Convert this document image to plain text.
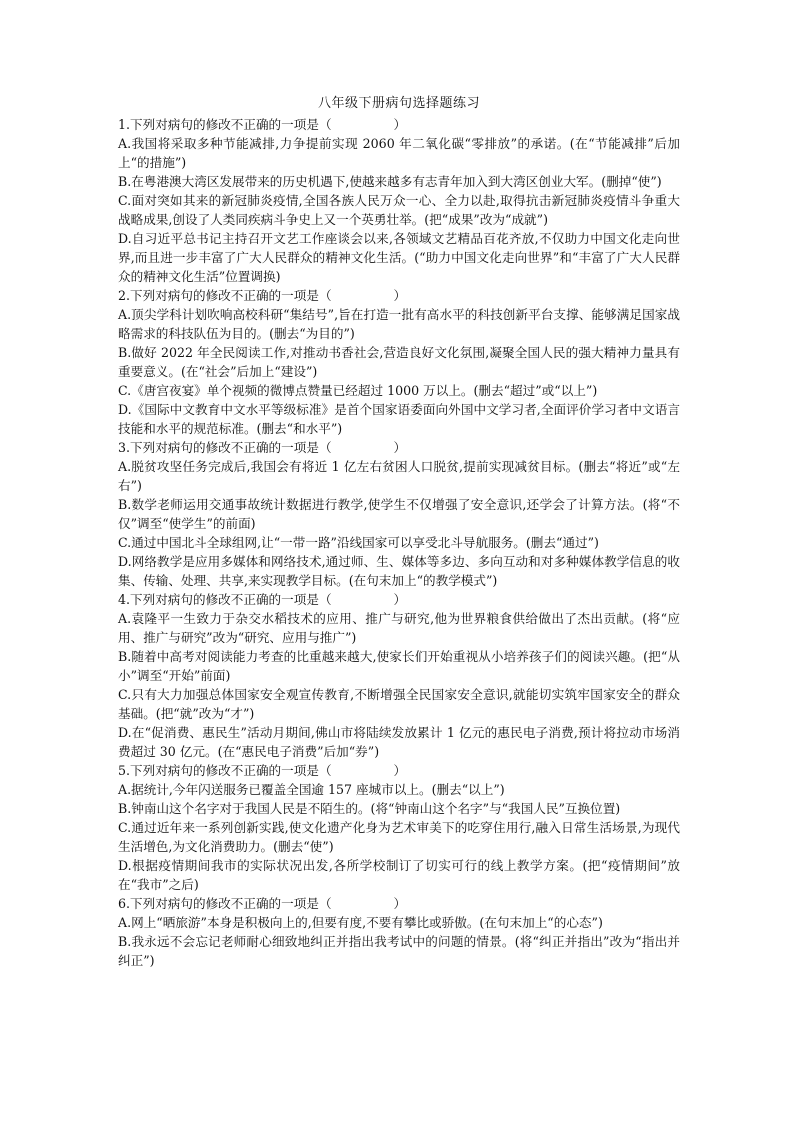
八年级下册病句选择题练习

1.下列对病句的修改不正确的一项是（	）

A.我国将采取多种节能减排,力争提前实现 2060 年二氧化碳“零排放”的承诺。(在“节能减排”后加上“的措施”)

B.在粤港澳大湾区发展带来的历史机遇下,使越来越多有志青年加入到大湾区创业大军。(删掉“使”)

C.面对突如其来的新冠肺炎疫情,全国各族人民万众一心、全力以赴,取得抗击新冠肺炎疫情斗争重大战略成果,创设了人类同疾病斗争史上又一个英勇壮举。(把“成果”改为“成就”)

D.自习近平总书记主持召开文艺工作座谈会以来,各领域文艺精品百花齐放,不仅助力中国文化走向世界,而且进一步丰富了广大人民群众的精神文化生活。(“助力中国文化走向世界”和“丰富了广大人民群众的精神文化生活”位置调换)

2.下列对病句的修改不正确的一项是（	）

A.顶尖学科计划吹响高校科研“集结号”,旨在打造一批有高水平的科技创新平台支撑、能够满足国家战略需求的科技队伍为目的。(删去“为目的”)

B.做好 2022 年全民阅读工作,对推动书香社会,营造良好文化氛围,凝聚全国人民的强大精神力量具有重要意义。(在“社会”后加上“建设”)

C.《唐宫夜宴》单个视频的微博点赞量已经超过 1000 万以上。(删去“超过”或“以上”)

D.《国际中文教育中文水平等级标准》是首个国家语委面向外国中文学习者,全面评价学习者中文语言技能和水平的规范标准。(删去“和水平”)

3.下列对病句的修改不正确的一项是（	）

A.脱贫攻坚任务完成后,我国会有将近 1 亿左右贫困人口脱贫,提前实现减贫目标。(删去“将近”或“左右”)

B.数学老师运用交通事故统计数据进行教学,使学生不仅增强了安全意识,还学会了计算方法。(将“不仅”调至“使学生”的前面)

C.通过中国北斗全球组网,让“一带一路”沿线国家可以享受北斗导航服务。(删去“通过”)

D.网络教学是应用多媒体和网络技术,通过师、生、媒体等多边、多向互动和对多种媒体教学信息的收集、传输、处理、共享,来实现教学目标。(在句末加上“的教学模式”)

4.下列对病句的修改不正确的一项是（	）

A.袁隆平一生致力于杂交水稻技术的应用、推广与研究,他为世界粮食供给做出了杰出贡献。(将“应用、推广与研究”改为“研究、应用与推广”)

B.随着中高考对阅读能力考查的比重越来越大,使家长们开始重视从小培养孩子们的阅读兴趣。(把“从小”调至“开始”前面)

C.只有大力加强总体国家安全观宣传教育,不断增强全民国家安全意识,就能切实筑牢国家安全的群众基础。(把“就”改为“才”)

D.在“促消费、惠民生”活动月期间,佛山市将陆续发放累计 1 亿元的惠民电子消费,预计将拉动市场消费超过 30 亿元。(在“惠民电子消费”后加“券”)

5.下列对病句的修改不正确的一项是（	）

A.据统计,今年闪送服务已覆盖全国逾 157 座城市以上。(删去“以上”)

B.钟南山这个名字对于我国人民是不陌生的。(将“钟南山这个名字”与“我国人民”互换位置)

C.通过近年来一系列创新实践,使文化遗产化身为艺术审美下的吃穿住用行,融入日常生活场景,为现代生活增色,为文化消费助力。(删去“使”)

D.根据疫情期间我市的实际状况出发,各所学校制订了切实可行的线上教学方案。(把“疫情期间”放在“我市”之后)

6.下列对病句的修改不正确的一项是（	）

A.网上“晒旅游”本身是积极向上的,但要有度,不要有攀比或骄傲。(在句末加上“的心态”)

B.我永远不会忘记老师耐心细致地纠正并指出我考试中的问题的情景。(将“纠正并指出”改为“指出并纠正”)
